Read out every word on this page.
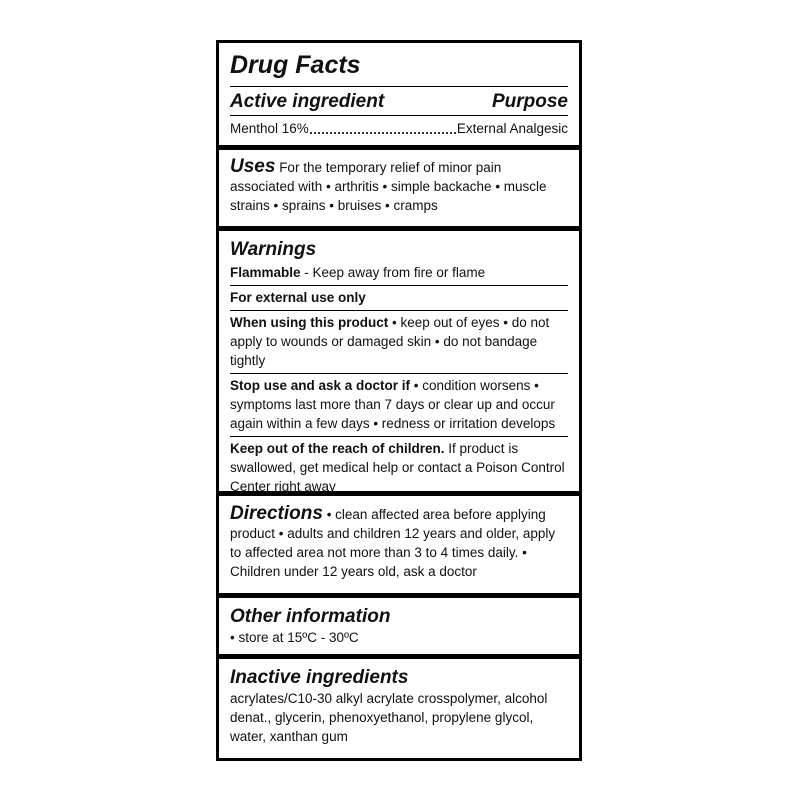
Drug Facts
Active ingredient	Purpose
Menthol 16%	External Analgesic
Uses For the temporary relief of minor pain associated with • arthritis • simple backache • muscle strains • sprains • bruises • cramps
Warnings
Flammable - Keep away from fire or flame
For external use only
When using this product • keep out of eyes • do not apply to wounds or damaged skin • do not bandage tightly
Stop use and ask a doctor if • condition worsens • symptoms last more than 7 days or clear up and occur again within a few days • redness or irritation develops
Keep out of the reach of children. If product is swallowed, get medical help or contact a Poison Control Center right away
Directions • clean affected area before applying product • adults and children 12 years and older, apply to affected area not more than 3 to 4 times daily. • Children under 12 years old, ask a doctor
Other information
• store at 15ºC - 30ºC
Inactive ingredients
acrylates/C10-30 alkyl acrylate crosspolymer, alcohol denat., glycerin, phenoxyethanol, propylene glycol, water, xanthan gum
